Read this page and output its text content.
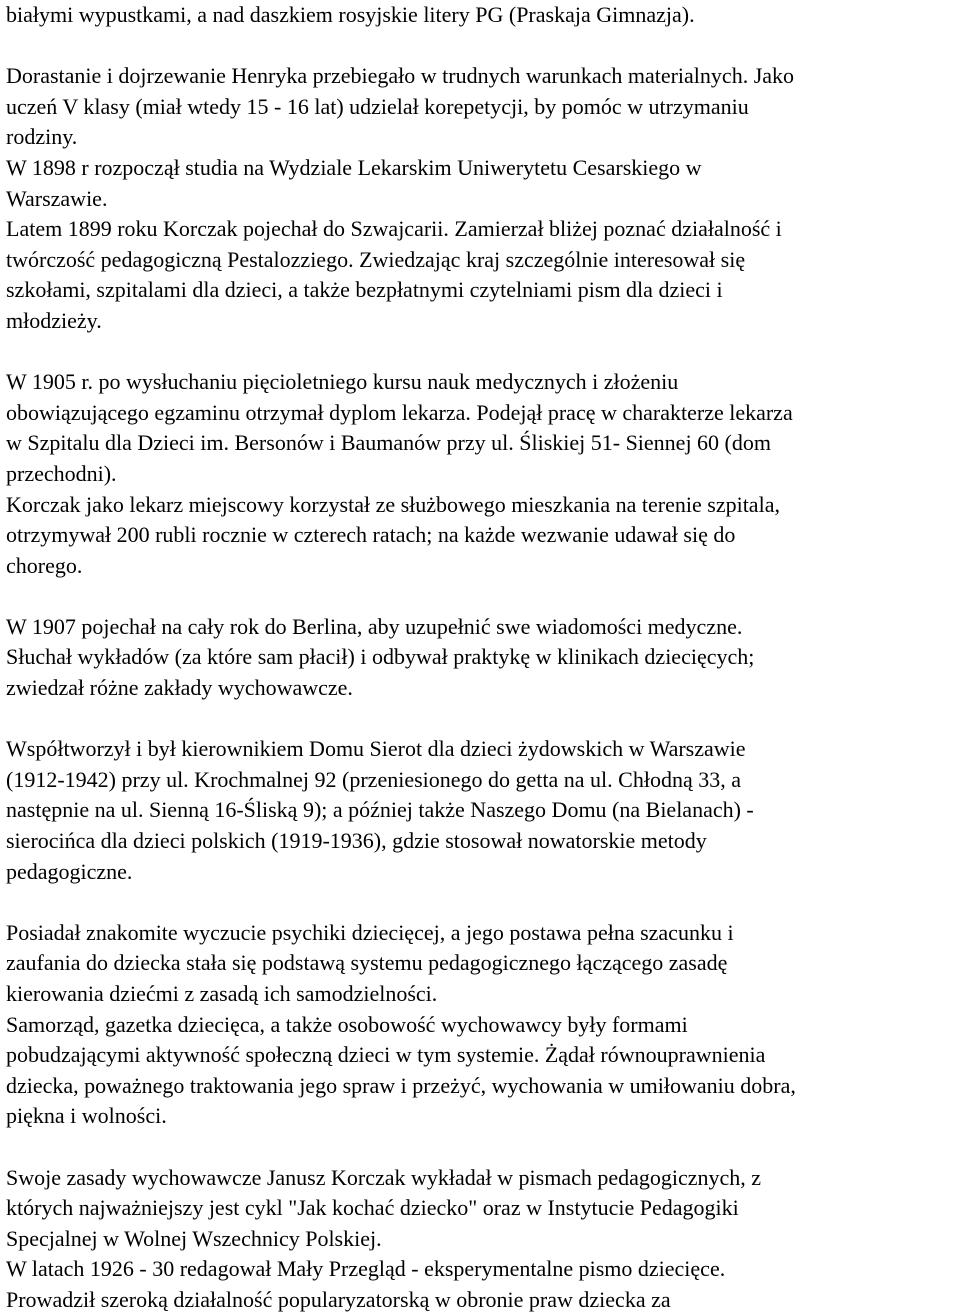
białymi wypustkami, a nad daszkiem rosyjskie litery PG (Praskaja Gimnazja).
Dorastanie i dojrzewanie Henryka przebiegało w trudnych warunkach materialnych. Jako
uczeń V klasy (miał wtedy 15 - 16 lat) udzielał korepetycji, by pomóc w utrzymaniu
rodziny.
W 1898 r rozpoczął studia na Wydziale Lekarskim Uniwerytetu Cesarskiego w
Warszawie.
Latem 1899 roku Korczak pojechał do Szwajcarii. Zamierzał bliżej poznać działalność i
twórczość pedagogiczną Pestalozziego. Zwiedzając kraj szczególnie interesował się
szkołami, szpitalami dla dzieci, a także bezpłatnymi czytelniami pism dla dzieci i
młodzieży.
W 1905 r. po wysłuchaniu pięcioletniego kursu nauk medycznych i złożeniu
obowiązującego egzaminu otrzymał dyplom lekarza. Podejął pracę w charakterze lekarza
w Szpitalu dla Dzieci im. Bersonów i Baumanów przy ul. Śliskiej 51- Siennej 60 (dom
przechodni).
Korczak jako lekarz miejscowy korzystał ze służbowego mieszkania na terenie szpitala,
otrzymywał 200 rubli rocznie w czterech ratach; na każde wezwanie udawał się do
chorego.
W 1907 pojechał na cały rok do Berlina, aby uzupełnić swe wiadomości medyczne.
Słuchał wykładów (za które sam płacił) i odbywał praktykę w klinikach dziecięcych;
zwiedzał różne zakłady wychowawcze.
Współtworzył i był kierownikiem Domu Sierot dla dzieci żydowskich w Warszawie
(1912-1942) przy ul. Krochmalnej 92 (przeniesionego do getta na ul. Chłodną 33, a
następnie na ul. Sienną 16-Śliską 9); a później także Naszego Domu (na Bielanach) -
sierocińca dla dzieci polskich (1919-1936), gdzie stosował nowatorskie metody
pedagogiczne.
Posiadał znakomite wyczucie psychiki dziecięcej, a jego postawa pełna szacunku i
zaufania do dziecka stała się podstawą systemu pedagogicznego łączącego zasadę
kierowania dziećmi z zasadą ich samodzielności.
Samorząd, gazetka dziecięca, a także osobowość wychowawcy były formami
pobudzającymi aktywność społeczną dzieci w tym systemie. Żądał równouprawnienia
dziecka, poważnego traktowania jego spraw i przeżyć, wychowania w umiłowaniu dobra,
piękna i wolności.
Swoje zasady wychowawcze Janusz Korczak wykładał w pismach pedagogicznych, z
których najważniejszy jest cykl "Jak kochać dziecko" oraz w Instytucie Pedagogiki
Specjalnej w Wolnej Wszechnicy Polskiej.
W latach 1926 - 30 redagował Mały Przegląd - eksperymentalne pismo dziecięce.
Prowadził szeroką działalność popularyzatorską w obronie praw dziecka za
